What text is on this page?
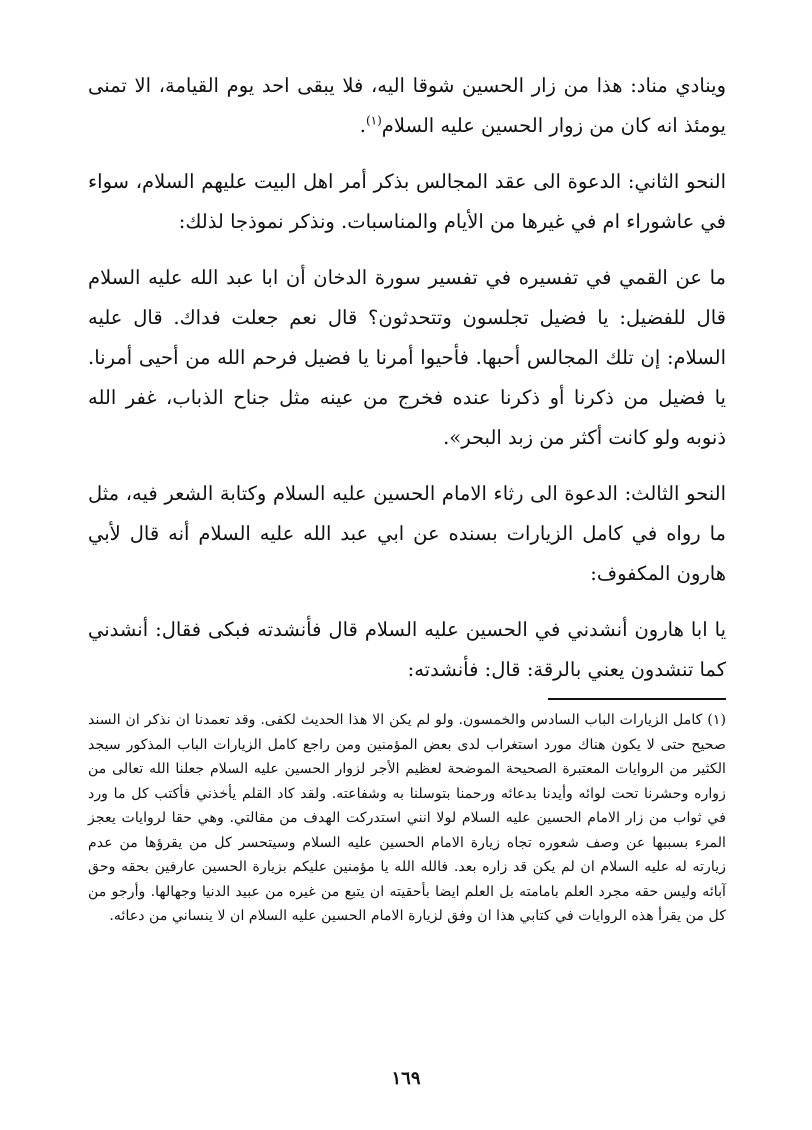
وينادي مناد: هذا من زار الحسين شوقا اليه، فلا يبقى احد يوم القيامة، الا تمنى يومئذ انه كان من زوار الحسين عليه السلام$^{(١)}$.

النحو الثاني: الدعوة الى عقد المجالس بذكر أمر اهل البيت عليهم السلام، سواء في عاشوراء ام في غيرها من الأيام والمناسبات. ونذكر نموذجا لذلك:

ما عن القمي في تفسيره في تفسير سورة الدخان أن ابا عبد الله عليه السلام قال للفضيل: يا فضيل تجلسون وتتحدثون؟ قال نعم جعلت فداك. قال عليه السلام: إن تلك المجالس أحبها. فأحيوا أمرنا يا فضيل فرحم الله من أحيى أمرنا. يا فضيل من ذكرنا أو ذكرنا عنده فخرج من عينه مثل جناح الذباب، غفر الله ذنوبه ولو كانت أكثر من زبد البحر».

النحو الثالث: الدعوة الى رثاء الامام الحسين عليه السلام وكتابة الشعر فيه، مثل ما رواه في كامل الزيارات بسنده عن ابي عبد الله عليه السلام أنه قال لأبي هارون المكفوف:

يا ابا هارون أنشدني في الحسين عليه السلام قال فأنشدته فبكى فقال: أنشدني كما تنشدون يعني بالرقة: قال: فأنشدته:

(١) كامل الزيارات الباب السادس والخمسون. ولو لم يكن الا هذا الحديث لكفى. وقد تعمدنا ان نذكر ان السند صحيح حتى لا يكون هناك مورد استغراب لدى بعض المؤمنين ومن راجع كامل الزيارات الباب المذكور سيجد الكثير من الروايات المعتبرة الصحيحة الموضحة لعظيم الأجر لزوار الحسين عليه السلام جعلنا الله تعالى من زواره وحشرنا تحت لوائه وأيدنا بدعائه ورحمنا بتوسلنا به وشفاعته. ولقد كاد القلم يأخذني فأكتب كل ما ورد في ثواب من زار الامام الحسين عليه السلام لولا انني استدركت الهدف من مقالتي. وهي حقا لروايات يعجز المرء بسببها عن وصف شعوره تجاه زيارة الامام الحسين عليه السلام وسيتحسر كل من يقرؤها من عدم زيارته له عليه السلام ان لم يكن قد زاره بعد. فالله الله يا مؤمنين عليكم بزيارة الحسين عارفين بحقه وحق آبائه وليس حقه مجرد العلم بامامته بل العلم ايضا بأحقيته ان يتبع من غيره من عبيد الدنيا وجهالها. وأرجو من كل من يقرأ هذه الروايات في كتابي هذا ان وفق لزيارة الامام الحسين عليه السلام ان لا ينساني من دعائه.
١٦٩
